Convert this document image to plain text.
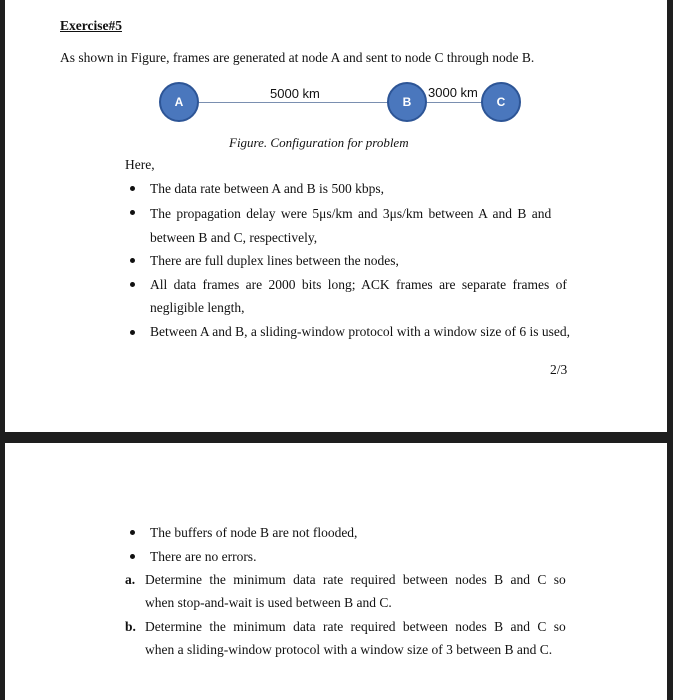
Exercise#5
As shown in Figure, frames are generated at node A and sent to node C through node B.
A	B	C
5000 km	3000 km
Figure. Configuration for problem
Here,
The data rate between A and B is 500 kbps,
The propagation delay were 5μs/km and 3μs/km between A and B and
between B and C, respectively,
There are full duplex lines between the nodes,
All data frames are 2000 bits long; ACK frames are separate frames of
negligible length,
Between A and B, a sliding-window protocol with a window size of 6 is used,
2/3
The buffers of node B are not flooded,
There are no errors.
a. Determine the minimum data rate required between nodes B and C so
when stop-and-wait is used between B and C.
b. Determine the minimum data rate required between nodes B and C so
when a sliding-window protocol with a window size of 3 between B and C.
